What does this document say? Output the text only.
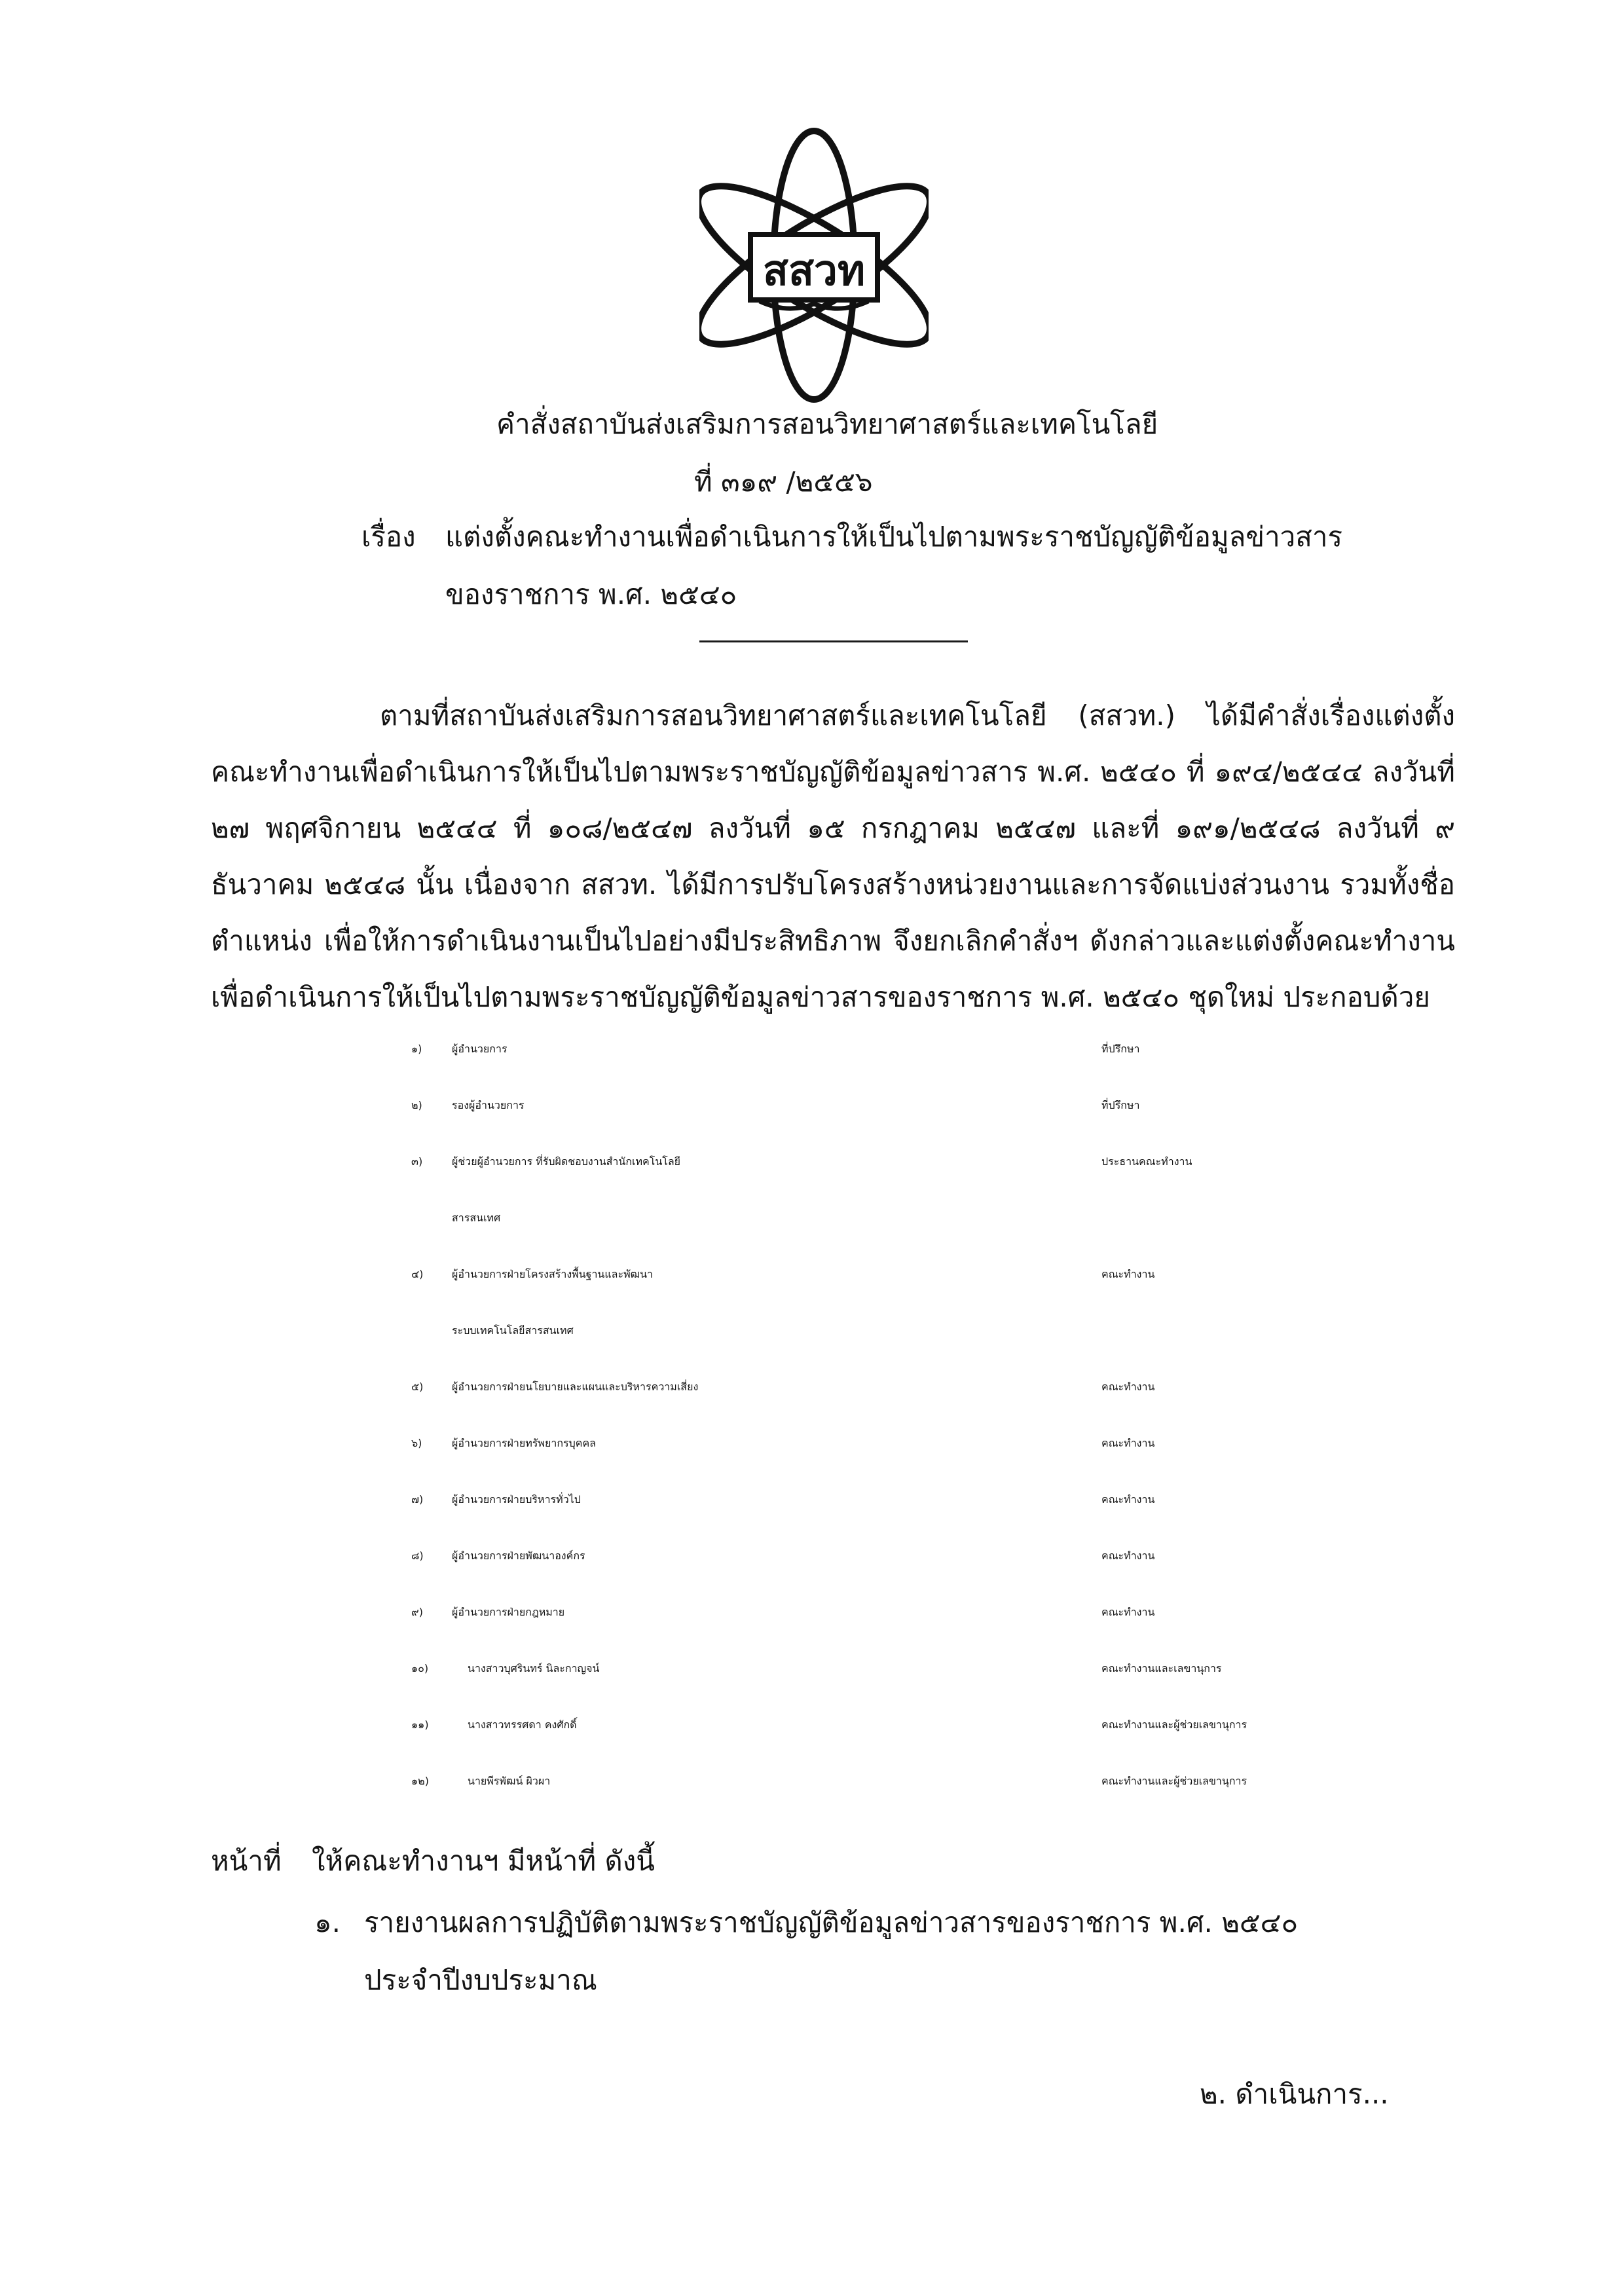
สสวท
คำสั่งสถาบันส่งเสริมการสอนวิทยาศาสตร์และเทคโนโลยี
ที่ ๓๑๙ /๒๕๕๖
เรื่อง แต่งตั้งคณะทำงานเพื่อดำเนินการให้เป็นไปตามพระราชบัญญัติข้อมูลข่าวสาร
ของราชการ พ.ศ. ๒๕๔๐
ตามที่สถาบันส่งเสริมการสอนวิทยาศาสตร์และเทคโนโลยี (สสวท.) ได้มีคำสั่งเรื่องแต่งตั้งคณะทำงานเพื่อดำเนินการให้เป็นไปตามพระราชบัญญัติข้อมูลข่าวสาร พ.ศ. ๒๕๔๐ ที่ ๑๙๔/๒๕๔๔ ลงวันที่ ๒๗ พฤศจิกายน ๒๕๔๔ ที่ ๑๐๘/๒๕๔๗ ลงวันที่ ๑๕ กรกฎาคม ๒๕๔๗ และที่ ๑๙๑/๒๕๔๘ ลงวันที่ ๙ ธันวาคม ๒๕๔๘ นั้น เนื่องจาก สสวท. ได้มีการปรับโครงสร้างหน่วยงานและการจัดแบ่งส่วนงาน รวมทั้งชื่อตำแหน่ง เพื่อให้การดำเนินงานเป็นไปอย่างมีประสิทธิภาพ จึงยกเลิกคำสั่งฯ ดังกล่าวและแต่งตั้งคณะทำงานเพื่อดำเนินการให้เป็นไปตามพระราชบัญญัติข้อมูลข่าวสารของราชการ พ.ศ. ๒๕๔๐ ชุดใหม่ ประกอบด้วย
๑)	ผู้อำนวยการ	ที่ปรึกษา
๒)	รองผู้อำนวยการ	ที่ปรึกษา
๓)	ผู้ช่วยผู้อำนวยการ ที่รับผิดชอบงานสำนักเทคโนโลยี
สารสนเทศ
ประธานคณะทำงาน
๔)	ผู้อำนวยการฝ่ายโครงสร้างพื้นฐานและพัฒนา
ระบบเทคโนโลยีสารสนเทศ
คณะทำงาน
๕)	ผู้อำนวยการฝ่ายนโยบายและแผนและบริหารความเสี่ยง	คณะทำงาน
๖)	ผู้อำนวยการฝ่ายทรัพยากรบุคคล	คณะทำงาน
๗)	ผู้อำนวยการฝ่ายบริหารทั่วไป	คณะทำงาน
๘)	ผู้อำนวยการฝ่ายพัฒนาองค์กร	คณะทำงาน
๙)	ผู้อำนวยการฝ่ายกฎหมาย	คณะทำงาน
๑๐)	นางสาวบุศรินทร์ นิละกาญจน์	คณะทำงานและเลขานุการ
๑๑)	นางสาวทรรศดา คงศักดิ์	คณะทำงานและผู้ช่วยเลขานุการ
๑๒)	นายพีรพัฒน์ ผิวผา	คณะทำงานและผู้ช่วยเลขานุการ
หน้าที่ ให้คณะทำงานฯ มีหน้าที่ ดังนี้
๑. รายงานผลการปฏิบัติตามพระราชบัญญัติข้อมูลข่าวสารของราชการ พ.ศ. ๒๕๔๐
ประจำปีงบประมาณ
๒. ดำเนินการ...
